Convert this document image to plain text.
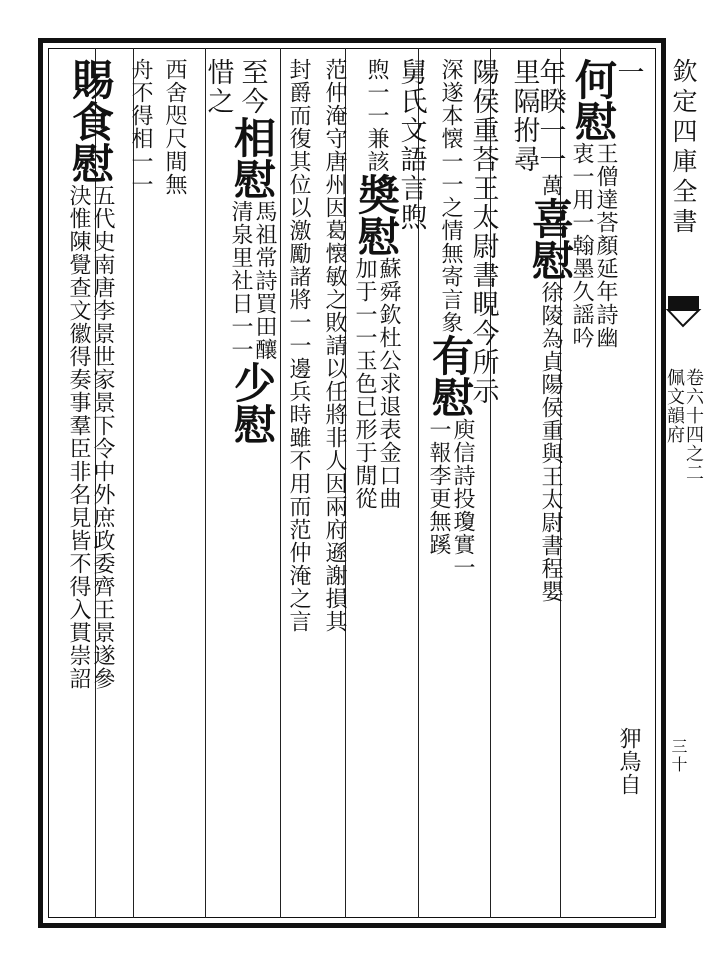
一
狎鳥自
何慰
王僧達荅顏延年詩幽
衷一用一翰墨久謡吟
年睽一一
萬
喜慰
徐陵為貞陽侯重與王太尉書程嬰
里隔拊尋
陽侯重荅王太尉書睍今所示
深遂本懐一一之情無寄言象
有慰
庾信詩投瓊實一
一報李更無蹊
舅氏文語言煦
煦一一兼該
奬慰
蘇舜欽杜公求退表金口曲
加于一一玉色已形于閒從
范仲淹守唐州因葛懐敏之敗請以任將非人因兩府遜謝損其
封爵而復其位以激勵諸將一一邊兵時雖不用而范仲淹之言
至今
相慰
馬祖常詩買田釀
清泉里社日一一
少慰
惜之
西舍咫尺間無
舟不得相一一
賜食慰
五代史南唐李景世家景下令中外庶政委齊王景遂參
決惟陳覺查文徽得奏事羣臣非名見皆不得入貫崇詔
欽定四庫全書
卷六十四之二
佩文韻府
三十
